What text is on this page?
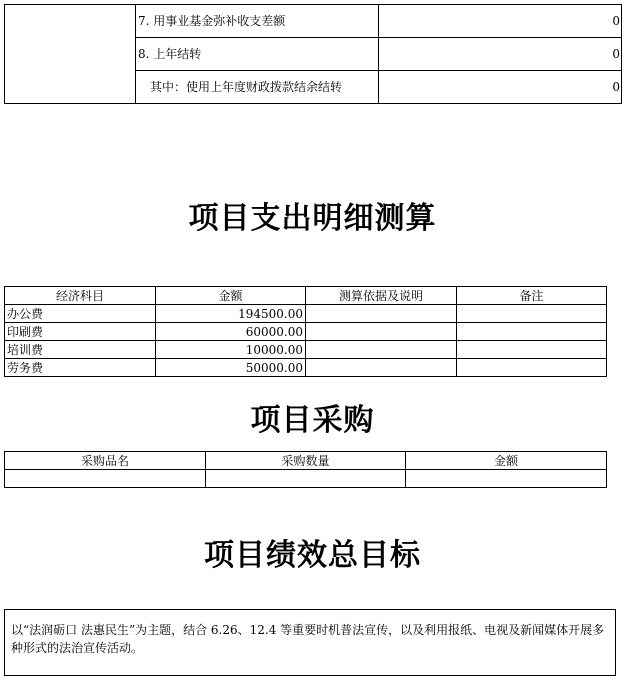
	7. 用事业基金弥补收支差额	0
	8. 上年结转	0
	其中：使用上年度财政拨款结余结转	0
项目支出明细测算
经济科目	金额	测算依据及说明	备注
办公费	194500.00		
印刷费	60000.00		
培训费	10000.00		
劳务费	50000.00		
项目采购
采购品名	采购数量	金额

项目绩效总目标
以“法润砺口 法惠民生”为主题，结合 6.26、12.4 等重要时机普法宣传，以及利用报纸、电视及新闻媒体开展多种形式的法治宣传活动。
